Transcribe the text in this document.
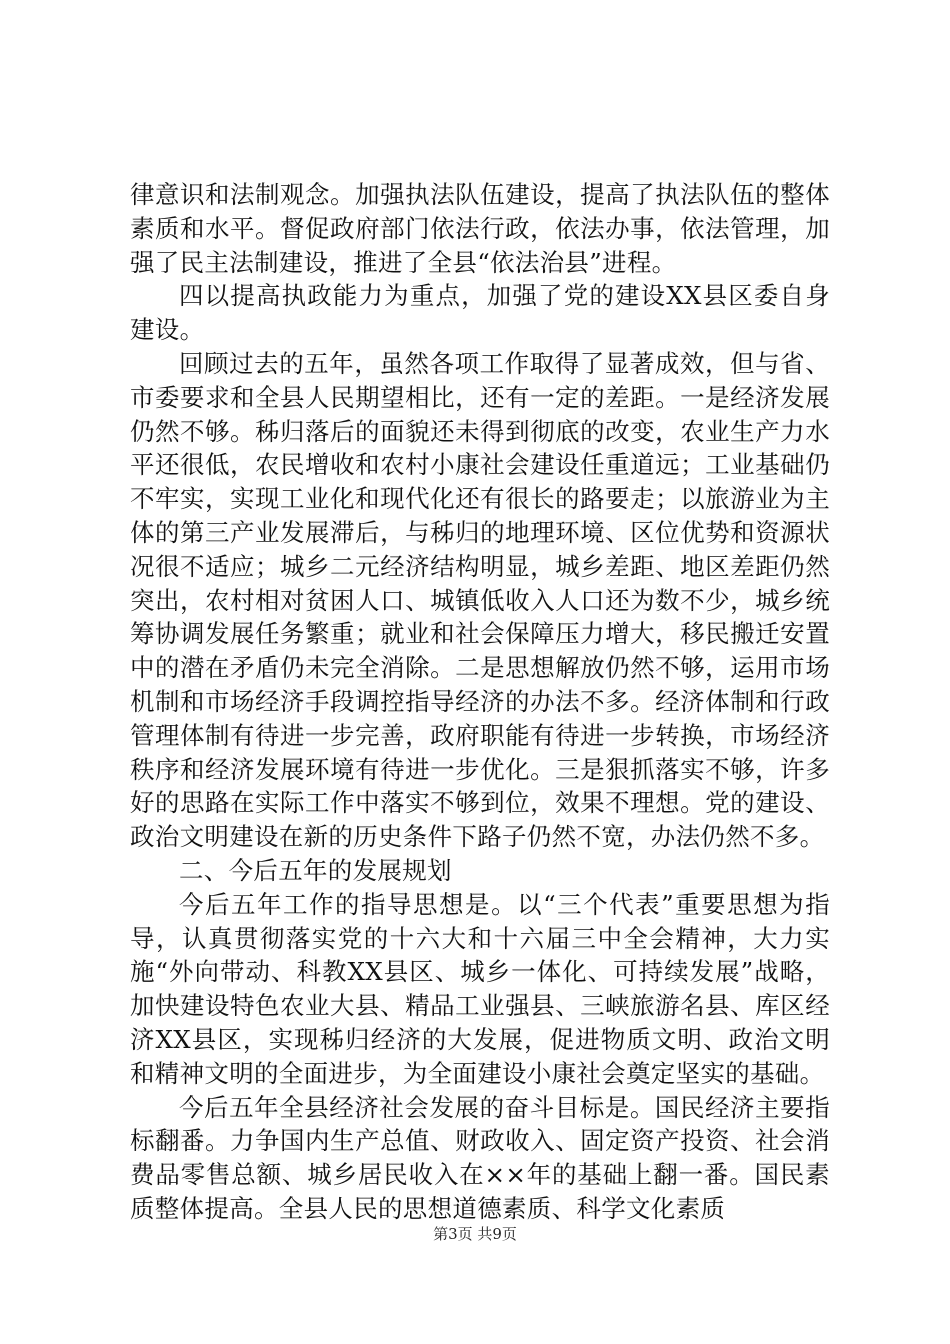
律意识和法制观念。加强执法队伍建设，提高了执法队伍的整体素质和水平。督促政府部门依法行政，依法办事，依法管理，加强了民主法制建设，推进了全县“依法治县”进程。

四以提高执政能力为重点，加强了党的建设XX县区委自身建设。

回顾过去的五年，虽然各项工作取得了显著成效，但与省、市委要求和全县人民期望相比，还有一定的差距。一是经济发展仍然不够。秭归落后的面貌还未得到彻底的改变，农业生产力水平还很低，农民增收和农村小康社会建设任重道远；工业基础仍不牢实，实现工业化和现代化还有很长的路要走；以旅游业为主体的第三产业发展滞后，与秭归的地理环境、区位优势和资源状况很不适应；城乡二元经济结构明显，城乡差距、地区差距仍然突出，农村相对贫困人口、城镇低收入人口还为数不少，城乡统筹协调发展任务繁重；就业和社会保障压力增大，移民搬迁安置中的潜在矛盾仍未完全消除。二是思想解放仍然不够，运用市场机制和市场经济手段调控指导经济的办法不多。经济体制和行政管理体制有待进一步完善，政府职能有待进一步转换，市场经济秩序和经济发展环境有待进一步优化。三是狠抓落实不够，许多好的思路在实际工作中落实不够到位，效果不理想。党的建设、政治文明建设在新的历史条件下路子仍然不宽，办法仍然不多。

二、今后五年的发展规划

今后五年工作的指导思想是。以“三个代表”重要思想为指导，认真贯彻落实党的十六大和十六届三中全会精神，大力实施“外向带动、科教XX县区、城乡一体化、可持续发展”战略，加快建设特色农业大县、精品工业强县、三峡旅游名县、库区经济XX县区，实现秭归经济的大发展，促进物质文明、政治文明和精神文明的全面进步，为全面建设小康社会奠定坚实的基础。

今后五年全县经济社会发展的奋斗目标是。国民经济主要指标翻番。力争国内生产总值、财政收入、固定资产投资、社会消费品零售总额、城乡居民收入在××年的基础上翻一番。国民素质整体提高。全县人民的思想道德素质、科学文化素质

第3页 共9页
